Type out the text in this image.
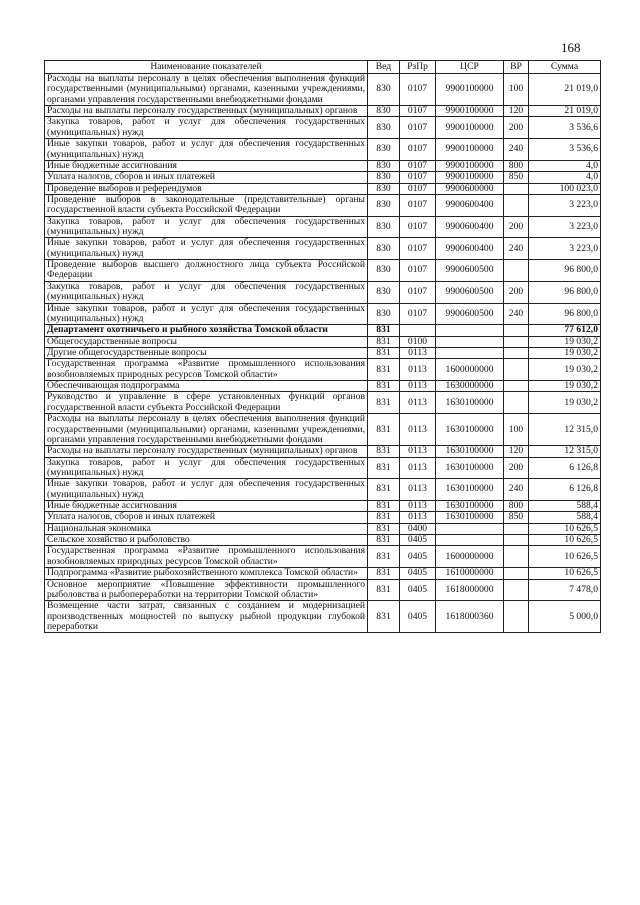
168
Наименование показателей	Вед	РзПр	ЦСР	ВР	Сумма
Расходы на выплаты персоналу в целях обеспечения выполнения функций государственными (муниципальными) органами, казенными учреждениями, органами управления государственными внебюджетными фондами	830	0107	9900100000	100	21 019,0
Расходы на выплаты персоналу государственных (муниципальных) органов	830	0107	9900100000	120	21 019,0
Закупка товаров, работ и услуг для обеспечения государственных (муниципальных) нужд	830	0107	9900100000	200	3 536,6
Иные закупки товаров, работ и услуг для обеспечения государственных (муниципальных) нужд	830	0107	9900100000	240	3 536,6
Иные бюджетные ассигнования	830	0107	9900100000	800	4,0
Уплата налогов, сборов и иных платежей	830	0107	9900100000	850	4,0
Проведение выборов и референдумов	830	0107	9900600000		100 023,0
Проведение выборов в законодательные (представительные) органы государственной власти субъекта Российской Федерации	830	0107	9900600400		3 223,0
Закупка товаров, работ и услуг для обеспечения государственных (муниципальных) нужд	830	0107	9900600400	200	3 223,0
Иные закупки товаров, работ и услуг для обеспечения государственных (муниципальных) нужд	830	0107	9900600400	240	3 223,0
Проведение выборов высшего должностного лица субъекта Российской Федерации	830	0107	9900600500		96 800,0
Закупка товаров, работ и услуг для обеспечения государственных (муниципальных) нужд	830	0107	9900600500	200	96 800,0
Иные закупки товаров, работ и услуг для обеспечения государственных (муниципальных) нужд	830	0107	9900600500	240	96 800,0
Департамент охотничьего и рыбного хозяйства Томской области	831				77 612,0
Общегосударственные вопросы	831	0100			19 030,2
Другие общегосударственные вопросы	831	0113			19 030,2
Государственная программа «Развитие промышленного использования возобновляемых природных ресурсов Томской области»	831	0113	1600000000		19 030,2
Обеспечивающая подпрограмма	831	0113	1630000000		19 030,2
Руководство и управление в сфере установленных функций органов государственной власти субъекта Российской Федерации	831	0113	1630100000		19 030,2
Расходы на выплаты персоналу в целях обеспечения выполнения функций государственными (муниципальными) органами, казенными учреждениями, органами управления государственными внебюджетными фондами	831	0113	1630100000	100	12 315,0
Расходы на выплаты персоналу государственных (муниципальных) органов	831	0113	1630100000	120	12 315,0
Закупка товаров, работ и услуг для обеспечения государственных (муниципальных) нужд	831	0113	1630100000	200	6 126,8
Иные закупки товаров, работ и услуг для обеспечения государственных (муниципальных) нужд	831	0113	1630100000	240	6 126,8
Иные бюджетные ассигнования	831	0113	1630100000	800	588,4
Уплата налогов, сборов и иных платежей	831	0113	1630100000	850	588,4
Национальная экономика	831	0400			10 626,5
Сельское хозяйство и рыболовство	831	0405			10 626,5
Государственная программа «Развитие промышленного использования возобновляемых природных ресурсов Томской области»	831	0405	1600000000		10 626,5
Подпрограмма «Развитие рыбохозяйственного комплекса Томской области»	831	0405	1610000000		10 626,5
Основное мероприятие «Повышение эффективности промышленного рыболовства и рыбопереработки на территории Томской области»	831	0405	1618000000		7 478,0
Возмещение части затрат, связанных с созданием и модернизацией производственных мощностей по выпуску рыбной продукции глубокой переработки	831	0405	1618000360		5 000,0
